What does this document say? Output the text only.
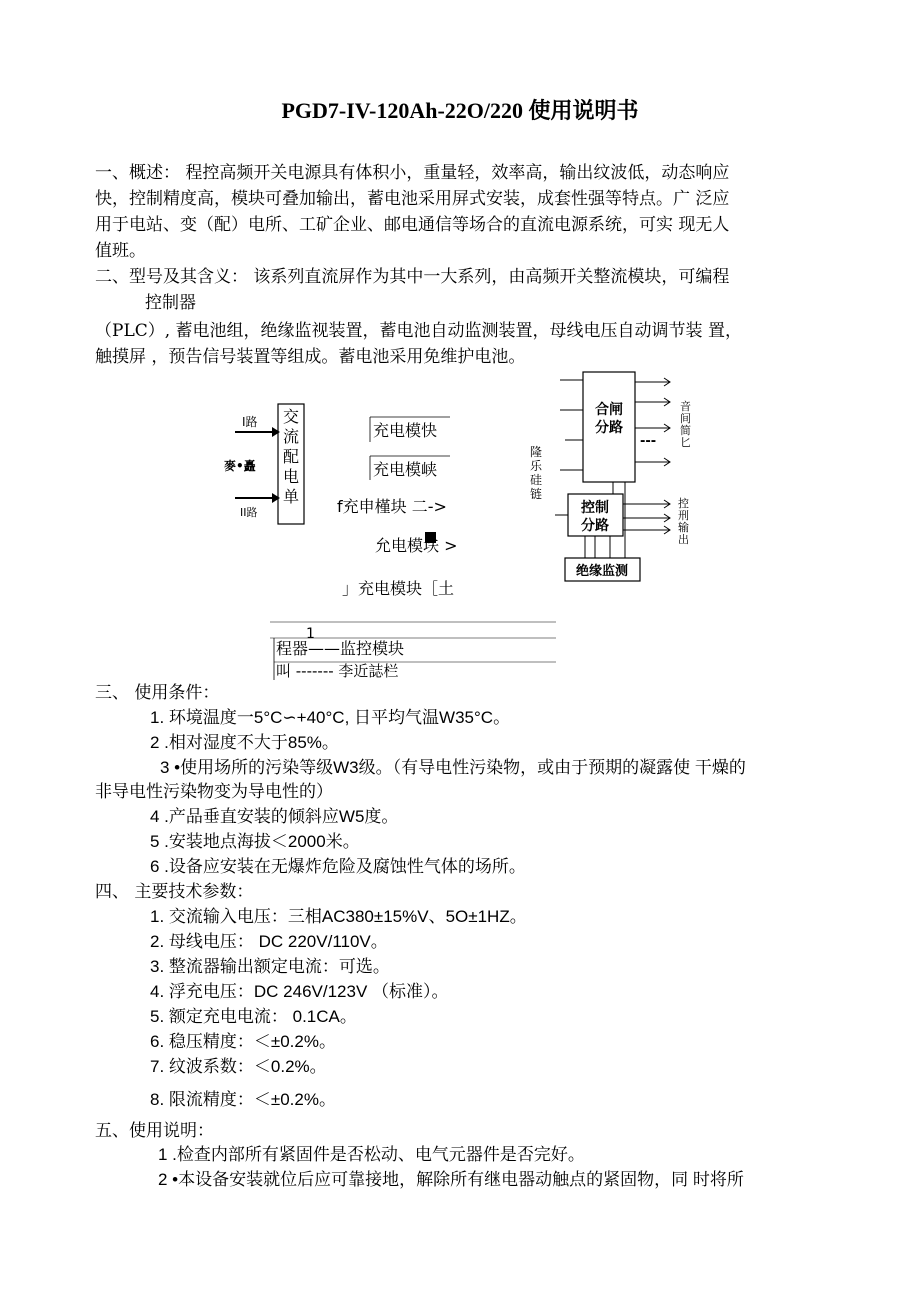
PGD7-IV-120Ah-22O/220 使用说明书
一、概述： 程控高频开关电源具有体积小，重量轻，效率高，输出纹波低，动态响应
快，控制精度高，模块可叠加输出，蓄电池采用屏式安装，成套性强等特点。广 泛应
用于电站、变（配）电所、工矿企业、邮电通信等场合的直流电源系统，可实 现无人
值班。
二、型号及其含义： 该系列直流屏作为其中一大系列，由高频开关整流模块，可编程
控制器
（PLC）, 蓄电池组，绝缘监视装置，蓄电池自动监测装置，母线电压自动调节装 置，
触摸屏 ，预告信号装置等组成。蓄电池采用免维护电池。
交
流
配
电
单
I路
麥•矗
II路
充电模快
充电模峡
f充申槿块 二->
允电模垁 >
」充电模块［土
隆
乐
硅
链
合闸
分路
---
音
间
简
匕
控制
分路
控
刑
输
出
绝缘监测
1
程器——监控模块
叫 ------- 李近誌栏
三、 使用条件：
1. 环境温度一5°C∽+40°C, 日平均气温W35°C。
2 .相对湿度不大于85%。
3 •使用场所的污染等级W3级。（有导电性污染物，或由于预期的凝露使 干燥的
非导电性污染物变为导电性的）
4 .产品垂直安装的倾斜应W5度。
5 .安装地点海拔＜2000米。
6 .设备应安装在无爆炸危险及腐蚀性气体的场所。
四、 主要技术参数：
1. 交流输入电压：三相AC380±15%V、5O±1HZ。
2. 母线电压： DC 220V/110V。
3. 整流器输出额定电流：可选。
4. 浮充电压：DC 246V/123V （标准）。
5. 额定充电电流： 0.1CA。
6. 稳压精度：＜±0.2%。
7. 纹波系数：＜0.2%。
8. 限流精度：＜±0.2%。
五、使用说明：
1 .检查内部所有紧固件是否松动、电气元器件是否完好。
2 •本设备安装就位后应可靠接地，解除所有继电器动触点的紧固物，同 时将所
